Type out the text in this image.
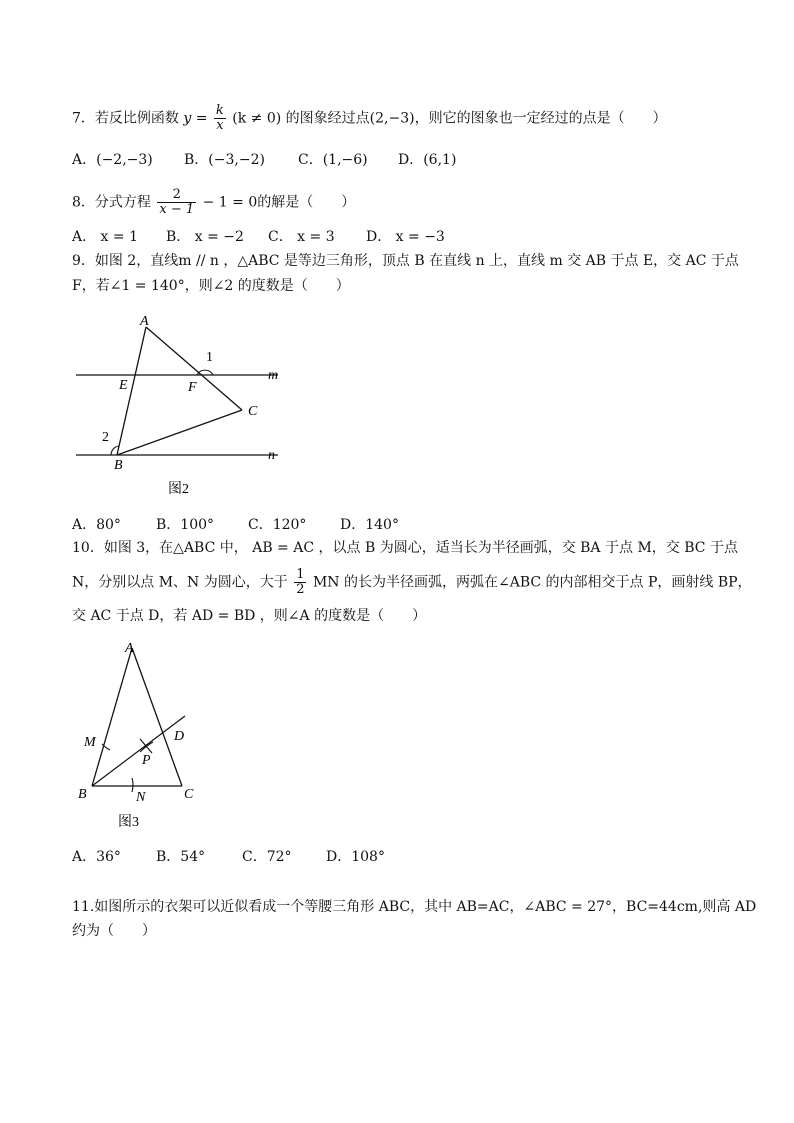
7．若反比例函数 $y = \frac{k}{x} (k \ne 0)$ 的图象经过点(2,−3)，则它的图象也一定经过的点是（　　）
A．(−2,−3) B．(−3,−2) C．(1,−6) D．(6,1)
8．分式方程 $\frac{2}{x - 1} - 1 = 0$的解是（　　）
A． x = 1 B． x = −2 C． x = 3 D． x = −3
9．如图 2，直线m // n ，△ABC 是等边三角形，顶点 B 在直线 n 上，直线 m 交 AB 于点 E，交 AC 于点
F，若∠1 = 140°，则∠2 的度数是（　　）
A
E	F
C
B
m
n
1
2
图2
A．80°	B．100° C．120° D．140°
10．如图 3，在△ABC 中， AB = AC ，以点 B 为圆心，适当长为半径画弧，交 BA 于点 M，交 BC 于点
N，分别以点 M、N 为圆心，大于 $\frac{1}{2}$ MN 的长为半径画弧，两弧在∠ABC 的内部相交于点 P，画射线 BP，
交 AC 于点 D，若 AD = BD ，则∠A 的度数是（　　）
A
M	D
P
B	N	C
图3
A．36°	B．54°	C．72° D．108°
11.如图所示的衣架可以近似看成一个等腰三角形 ABC，其中 AB=AC，∠ABC = 27°，BC=44cm,则高 AD
约为（　　）
